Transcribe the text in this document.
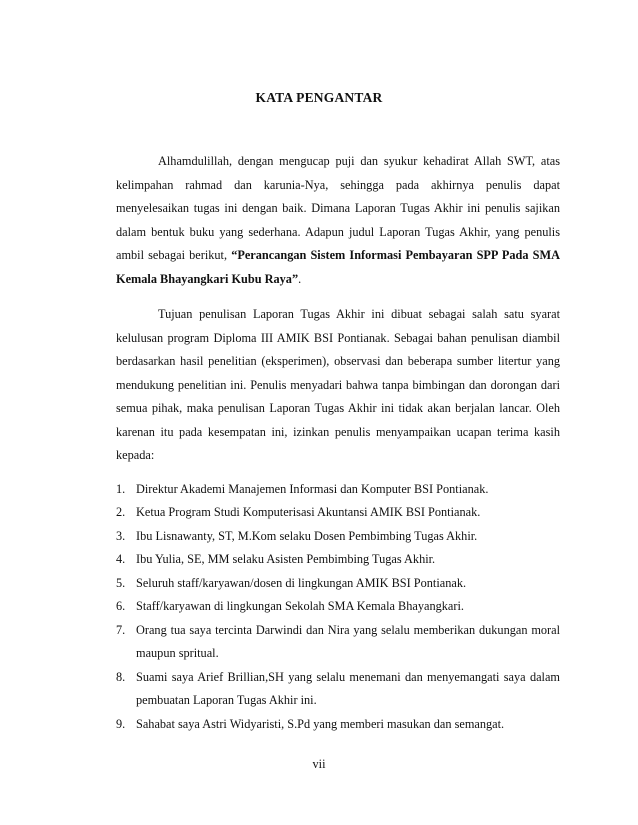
KATA PENGANTAR

Alhamdulillah, dengan mengucap puji dan syukur kehadirat Allah SWT, atas kelimpahan rahmad dan karunia-Nya, sehingga pada akhirnya penulis dapat menyelesaikan tugas ini dengan baik. Dimana Laporan Tugas Akhir ini penulis sajikan dalam bentuk buku yang sederhana. Adapun judul Laporan Tugas Akhir, yang penulis ambil sebagai berikut, “Perancangan Sistem Informasi Pembayaran SPP Pada SMA Kemala Bhayangkari Kubu Raya”.

Tujuan penulisan Laporan Tugas Akhir ini dibuat sebagai salah satu syarat kelulusan program Diploma III AMIK BSI Pontianak. Sebagai bahan penulisan diambil berdasarkan hasil penelitian (eksperimen), observasi dan beberapa sumber litertur yang mendukung penelitian ini. Penulis menyadari bahwa tanpa bimbingan dan dorongan dari semua pihak, maka penulisan Laporan Tugas Akhir ini tidak akan berjalan lancar. Oleh karenan itu pada kesempatan ini, izinkan penulis menyampaikan ucapan terima kasih kepada:

1. Direktur Akademi Manajemen Informasi dan Komputer BSI Pontianak.
2. Ketua Program Studi Komputerisasi Akuntansi AMIK BSI Pontianak.
3. Ibu Lisnawanty, ST, M.Kom selaku Dosen Pembimbing Tugas Akhir.
4. Ibu Yulia, SE, MM selaku Asisten Pembimbing Tugas Akhir.
5. Seluruh staff/karyawan/dosen di lingkungan AMIK BSI Pontianak.
6. Staff/karyawan di lingkungan Sekolah SMA Kemala Bhayangkari.
7. Orang tua saya tercinta Darwindi dan Nira yang selalu memberikan dukungan moral maupun spritual.
8. Suami saya Arief Brillian,SH yang selalu menemani dan menyemangati saya dalam pembuatan Laporan Tugas Akhir ini.
9. Sahabat saya Astri Widyaristi, S.Pd yang memberi masukan dan semangat.
vii
